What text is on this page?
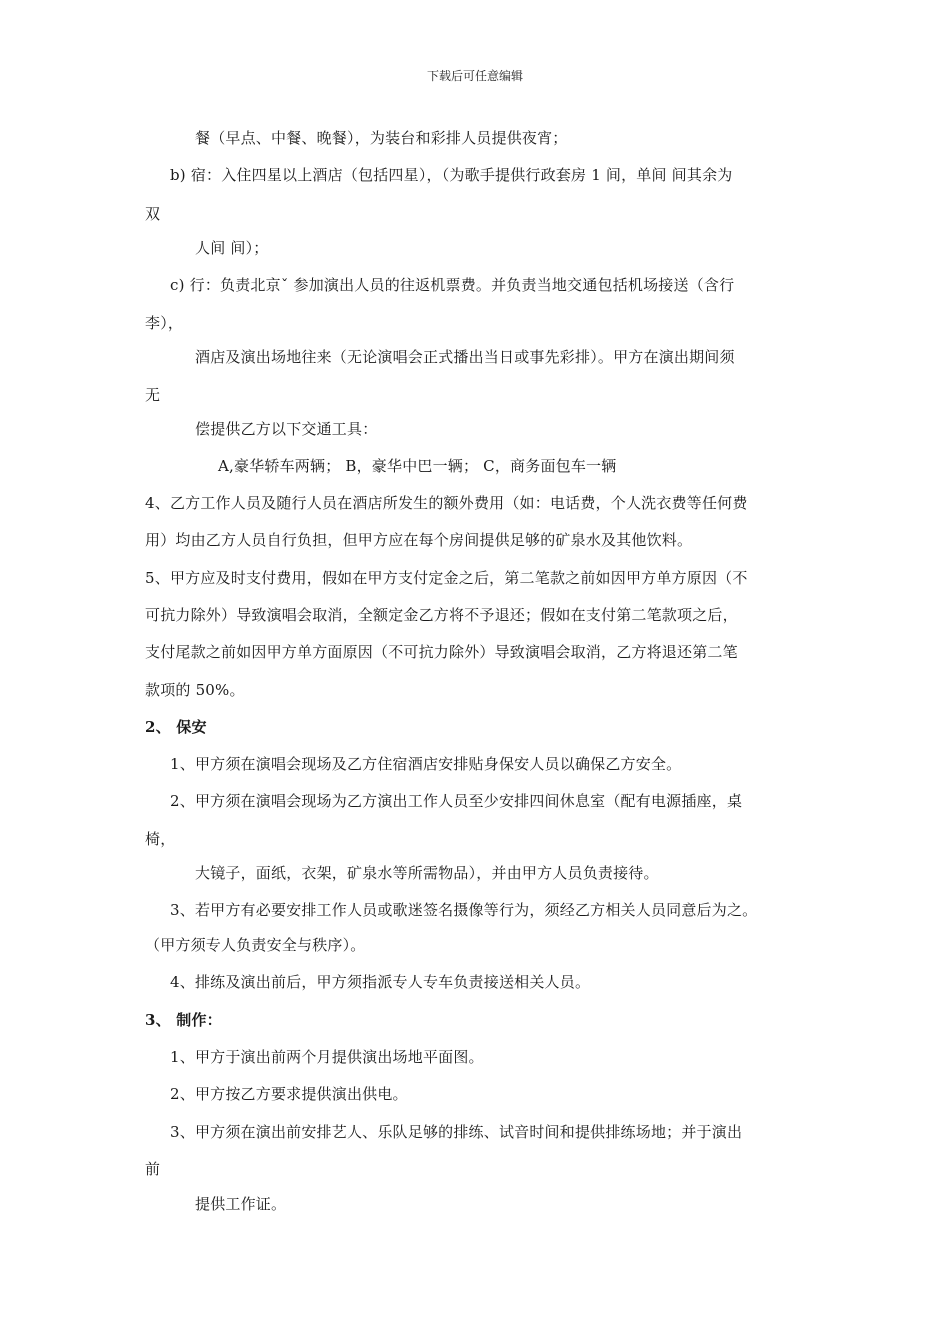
下载后可任意编辑
餐（早点、中餐、晚餐），为装台和彩排人员提供夜宵；
b) 宿：入住四星以上酒店（包括四星），（为歌手提供行政套房 1 间，单间 间其余为
双
人间 间）；
c) 行：负责北京ˇ 参加演出人员的往返机票费。并负责当地交通包括机场接送（含行
李），
酒店及演出场地往来（无论演唱会正式播出当日或事先彩排）。甲方在演出期间须
无
偿提供乙方以下交通工具：
A,豪华轿车两辆； B，豪华中巴一辆； C，商务面包车一辆
4、乙方工作人员及随行人员在酒店所发生的额外费用（如：电话费，个人洗衣费等任何费
用）均由乙方人员自行负担，但甲方应在每个房间提供足够的矿泉水及其他饮料。
5、甲方应及时支付费用，假如在甲方支付定金之后，第二笔款之前如因甲方单方原因（不
可抗力除外）导致演唱会取消，全额定金乙方将不予退还；假如在支付第二笔款项之后，
支付尾款之前如因甲方单方面原因（不可抗力除外）导致演唱会取消，乙方将退还第二笔
款项的 50%。
2、 保安
1、甲方须在演唱会现场及乙方住宿酒店安排贴身保安人员以确保乙方安全。
2、甲方须在演唱会现场为乙方演出工作人员至少安排四间休息室（配有电源插座，桌
椅，
大镜子，面纸，衣架，矿泉水等所需物品），并由甲方人员负责接待。
3、若甲方有必要安排工作人员或歌迷签名摄像等行为，须经乙方相关人员同意后为之。
（甲方须专人负责安全与秩序）。
4、排练及演出前后，甲方须指派专人专车负责接送相关人员。
3、 制作：
1、甲方于演出前两个月提供演出场地平面图。
2、甲方按乙方要求提供演出供电。
3、甲方须在演出前安排艺人、乐队足够的排练、试音时间和提供排练场地；并于演出
前
提供工作证。
